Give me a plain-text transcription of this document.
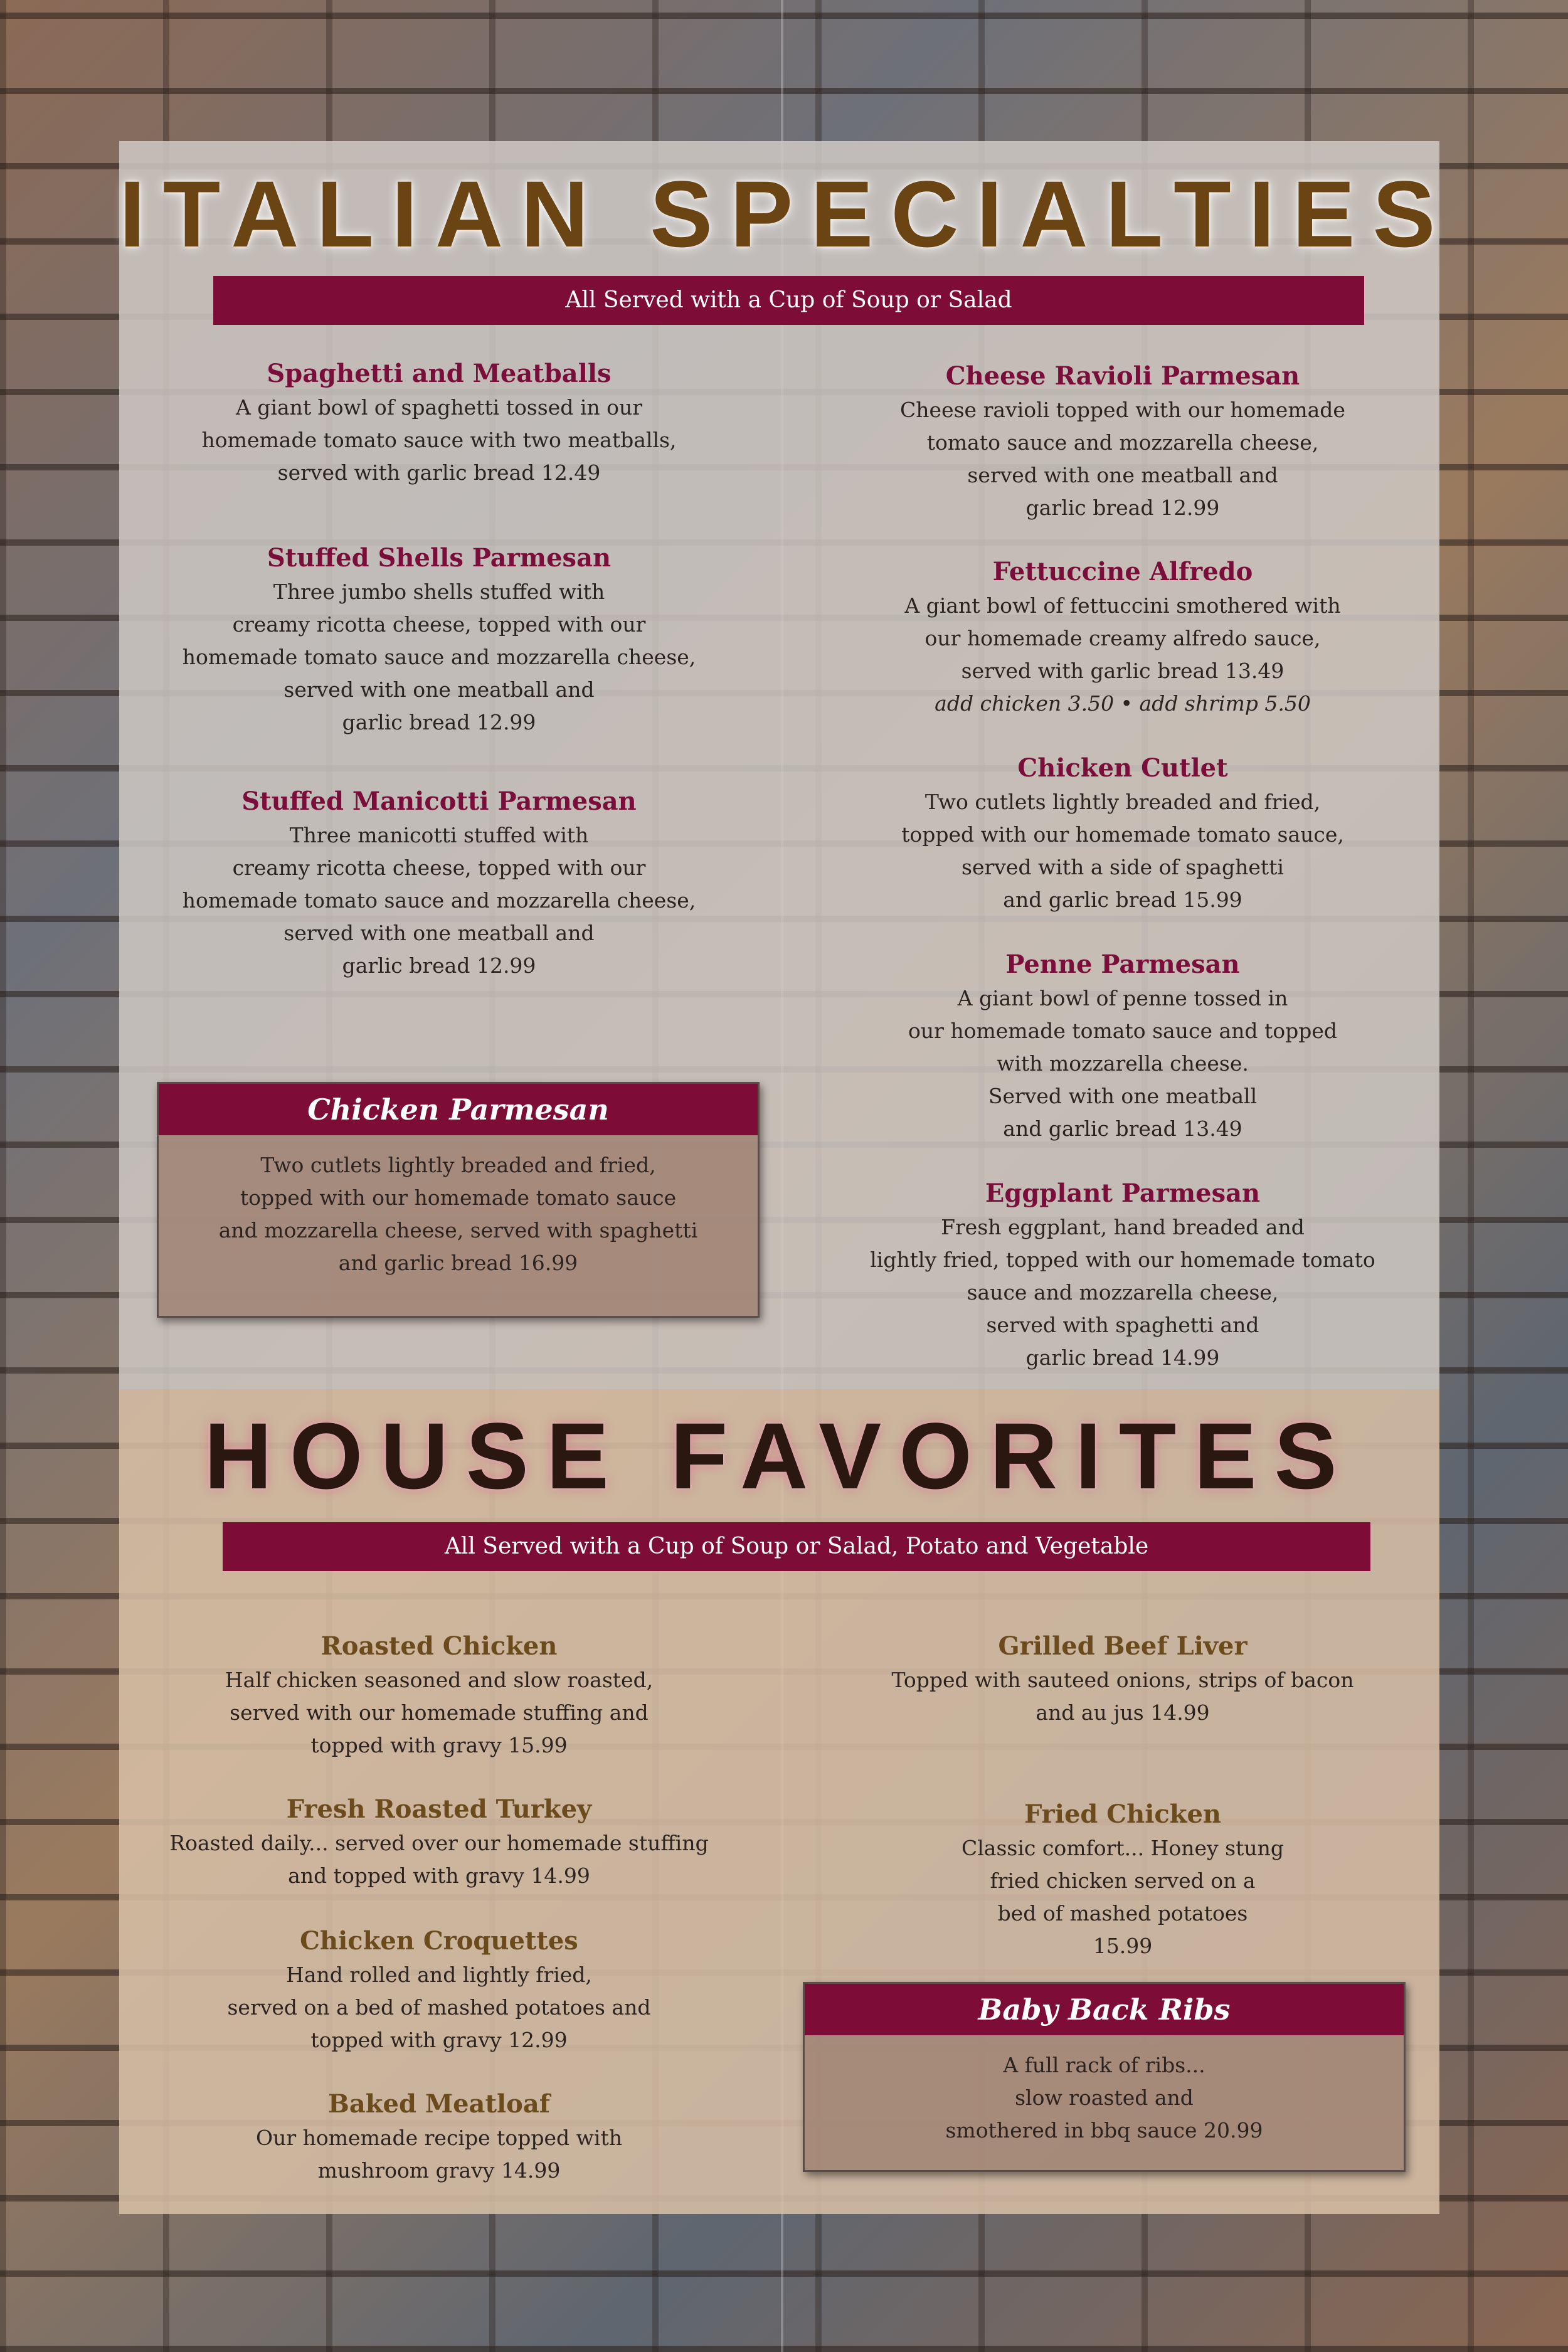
ITALIAN SPECIALTIES
All Served with a Cup of Soup or Salad
Spaghetti and Meatballs

A giant bowl of spaghetti tossed in our
homemade tomato sauce with two meatballs,
served with garlic bread 12.49

Stuffed Shells Parmesan

Three jumbo shells stuffed with
creamy ricotta cheese, topped with our
homemade tomato sauce and mozzarella cheese,
served with one meatball and
garlic bread 12.99

Stuffed Manicotti Parmesan

Three manicotti stuffed with
creamy ricotta cheese, topped with our
homemade tomato sauce and mozzarella cheese,
served with one meatball and
garlic bread 12.99

Chicken Parmesan
Two cutlets lightly breaded and fried,
topped with our homemade tomato sauce
and mozzarella cheese, served with spaghetti
and garlic bread 16.99
Cheese Ravioli Parmesan

Cheese ravioli topped with our homemade
tomato sauce and mozzarella cheese,
served with one meatball and
garlic bread 12.99

Fettuccine Alfredo

A giant bowl of fettuccini smothered with
our homemade creamy alfredo sauce,
served with garlic bread 13.49

add chicken 3.50 • add shrimp 5.50

Chicken Cutlet

Two cutlets lightly breaded and fried,
topped with our homemade tomato sauce,
served with a side of spaghetti
and garlic bread 15.99

Penne Parmesan

A giant bowl of penne tossed in
our homemade tomato sauce and topped
with mozzarella cheese.
Served with one meatball
and garlic bread 13.49

Eggplant Parmesan

Fresh eggplant, hand breaded and
lightly fried, topped with our homemade tomato
sauce and mozzarella cheese,
served with spaghetti and
garlic bread 14.99

HOUSE FAVORITES
All Served with a Cup of Soup or Salad, Potato and Vegetable
Roasted Chicken

Half chicken seasoned and slow roasted,
served with our homemade stuffing and
topped with gravy 15.99

Fresh Roasted Turkey

Roasted daily... served over our homemade stuffing
and topped with gravy 14.99

Chicken Croquettes

Hand rolled and lightly fried,
served on a bed of mashed potatoes and
topped with gravy 12.99

Baked Meatloaf

Our homemade recipe topped with
mushroom gravy 14.99

Grilled Beef Liver

Topped with sauteed onions, strips of bacon
and au jus 14.99

Fried Chicken

Classic comfort... Honey stung
fried chicken served on a
bed of mashed potatoes
15.99

Baby Back Ribs
A full rack of ribs...
slow roasted and
smothered in bbq sauce 20.99
